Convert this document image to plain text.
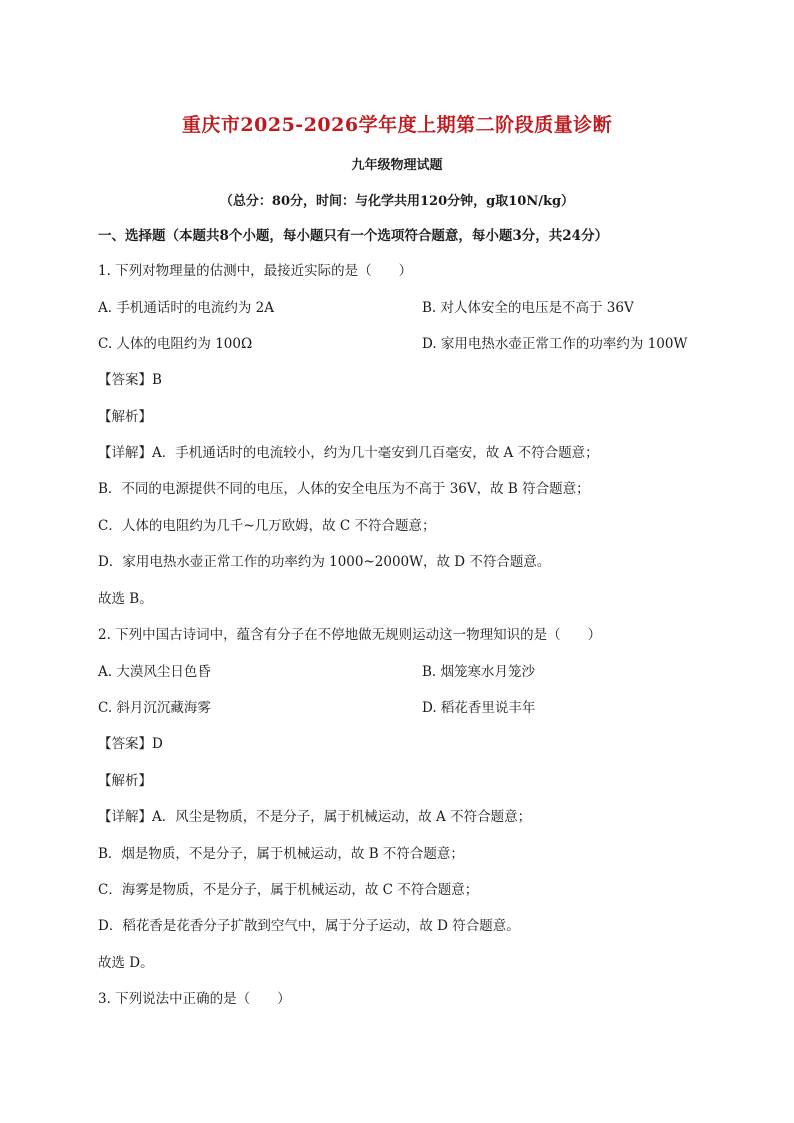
重庆市2025-2026学年度上期第二阶段质量诊断
九年级物理试题
（总分：80分，时间：与化学共用120分钟，g取10N/kg）
一、选择题（本题共8个小题，每小题只有一个选项符合题意，每小题3分，共24分）
1. 下列对物理量的估测中，最接近实际的是（　　）
A. 手机通话时的电流约为 2A	B. 对人体安全的电压是不高于 36V
C. 人体的电阻约为 100Ω	D. 家用电热水壶正常工作的功率约为 100W
【答案】B
【解析】
【详解】A．手机通话时的电流较小，约为几十毫安到几百毫安，故 A 不符合题意；
B．不同的电源提供不同的电压，人体的安全电压为不高于 36V，故 B 符合题意；
C．人体的电阻约为几千~几万欧姆，故 C 不符合题意；
D．家用电热水壶正常工作的功率约为 1000~2000W，故 D 不符合题意。
故选 B。
2. 下列中国古诗词中，蕴含有分子在不停地做无规则运动这一物理知识的是（　　）
A. 大漠风尘日色昏	B. 烟笼寒水月笼沙
C. 斜月沉沉藏海雾	D. 稻花香里说丰年
【答案】D
【解析】
【详解】A．风尘是物质，不是分子，属于机械运动，故 A 不符合题意；
B．烟是物质，不是分子，属于机械运动，故 B 不符合题意；
C．海雾是物质，不是分子，属于机械运动，故 C 不符合题意；
D．稻花香是花香分子扩散到空气中，属于分子运动，故 D 符合题意。
故选 D。
3. 下列说法中正确的是（　　）
